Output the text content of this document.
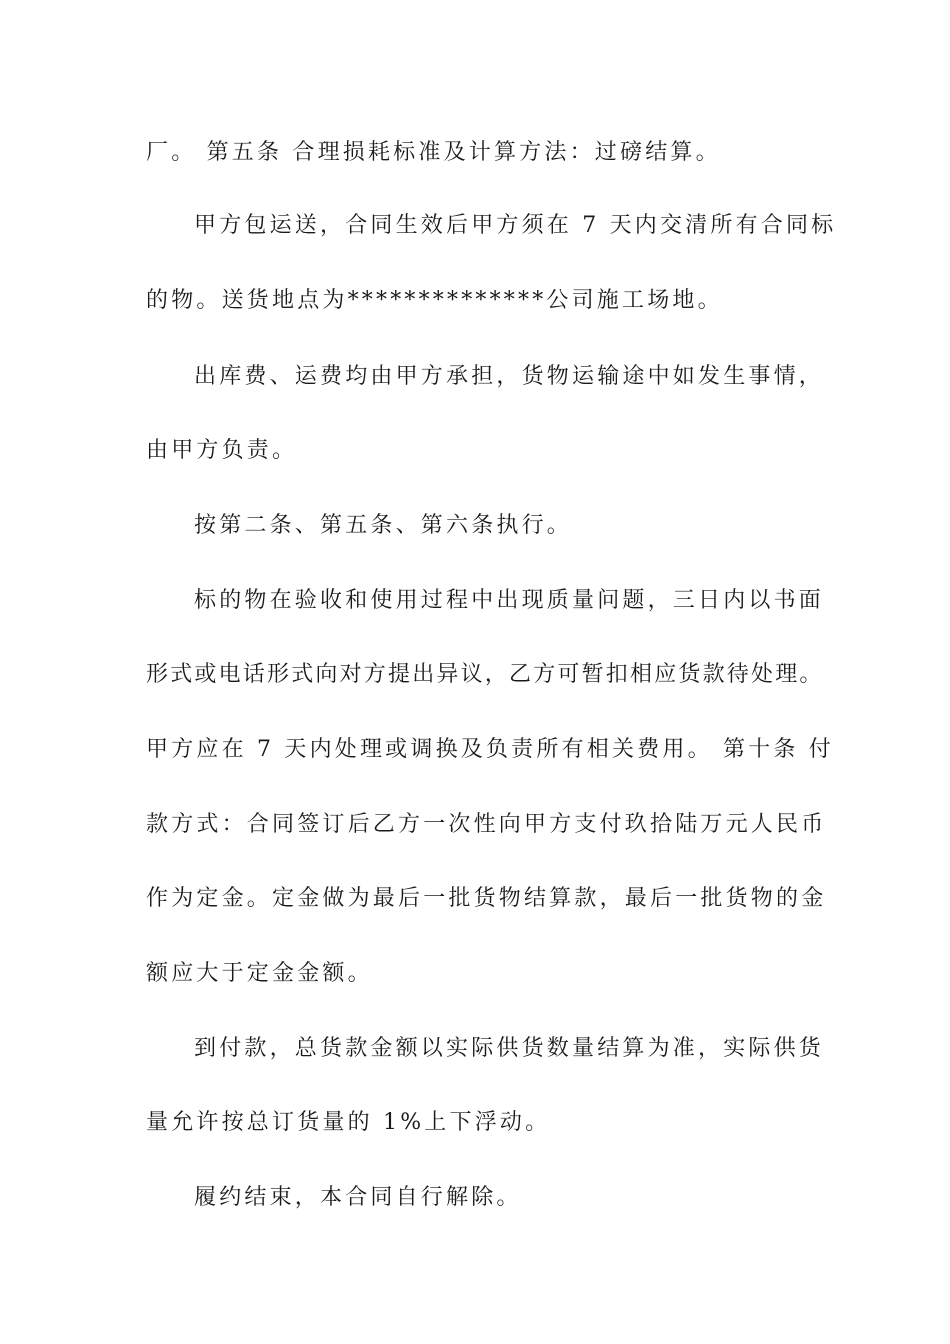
厂。 第五条 合理损耗标准及计算方法：过磅结算。
甲方包运送，合同生效后甲方须在 7 天内交清所有合同标
的物。送货地点为**************公司施工场地。
出库费、运费均由甲方承担，货物运输途中如发生事情，
由甲方负责。
按第二条、第五条、第六条执行。
标的物在验收和使用过程中出现质量问题，三日内以书面
形式或电话形式向对方提出异议，乙方可暂扣相应货款待处理。
甲方应在 7 天内处理或调换及负责所有相关费用。 第十条 付
款方式：合同签订后乙方一次性向甲方支付玖拾陆万元人民币
作为定金。定金做为最后一批货物结算款，最后一批货物的金
额应大于定金金额。
到付款，总货款金额以实际供货数量结算为准，实际供货
量允许按总订货量的 1%上下浮动。
履约结束，本合同自行解除。
